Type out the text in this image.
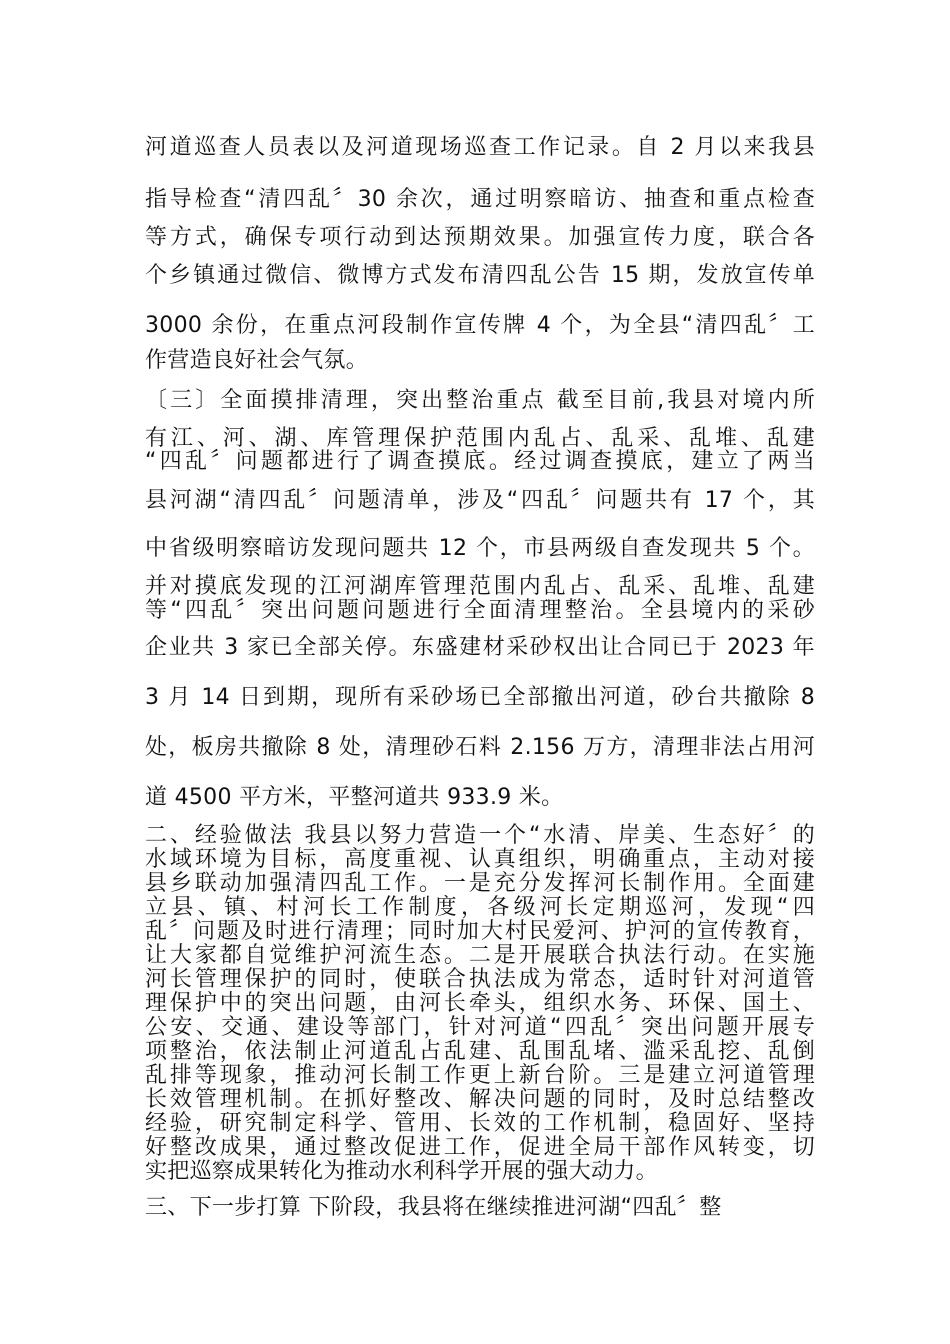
河道巡查人员表以及河道现场巡查工作记录。自 2 月以来我县
指导检查“清四乱〞30 余次，通过明察暗访、抽查和重点检查
等方式，确保专项行动到达预期效果。加强宣传力度，联合各
个乡镇通过微信、微博方式发布清四乱公告 15 期，发放宣传单
3000 余份，在重点河段制作宣传牌 4 个，为全县“清四乱〞工
作营造良好社会气氛。
〔三〕全面摸排清理，突出整治重点 截至目前,我县对境内所
有江、河、湖、库管理保护范围内乱占、乱采、乱堆、乱建
“四乱〞问题都进行了调查摸底。经过调查摸底，建立了两当
县河湖“清四乱〞问题清单，涉及“四乱〞问题共有 17 个，其
中省级明察暗访发现问题共 12 个，市县两级自查发现共 5 个。
并对摸底发现的江河湖库管理范围内乱占、乱采、乱堆、乱建
等“四乱〞突出问题问题进行全面清理整治。全县境内的采砂
企业共 3 家已全部关停。东盛建材采砂权出让合同已于 2023 年
3 月 14 日到期，现所有采砂场已全部撤出河道，砂台共撤除 8
处，板房共撤除 8 处，清理砂石料 2.156 万方，清理非法占用河
道 4500 平方米，平整河道共 933.9 米。
二、经验做法 我县以努力营造一个“水清、岸美、生态好〞的
水域环境为目标，高度重视、认真组织，明确重点，主动对接
县乡联动加强清四乱工作。一是充分发挥河长制作用。全面建
立县、镇、村河长工作制度，各级河长定期巡河，发现“四
乱〞问题及时进行清理；同时加大村民爱河、护河的宣传教育，
让大家都自觉维护河流生态。二是开展联合执法行动。在实施
河长管理保护的同时，使联合执法成为常态，适时针对河道管
理保护中的突出问题，由河长牵头，组织水务、环保、国土、
公安、交通、建设等部门，针对河道“四乱〞突出问题开展专
项整治，依法制止河道乱占乱建、乱围乱堵、滥采乱挖、乱倒
乱排等现象，推动河长制工作更上新台阶。三是建立河道管理
长效管理机制。在抓好整改、解决问题的同时，及时总结整改
经验，研究制定科学、管用、长效的工作机制，稳固好、坚持
好整改成果，通过整改促进工作，促进全局干部作风转变，切
实把巡察成果转化为推动水利科学开展的强大动力。
三、下一步打算 下阶段，我县将在继续推进河湖“四乱〞整
